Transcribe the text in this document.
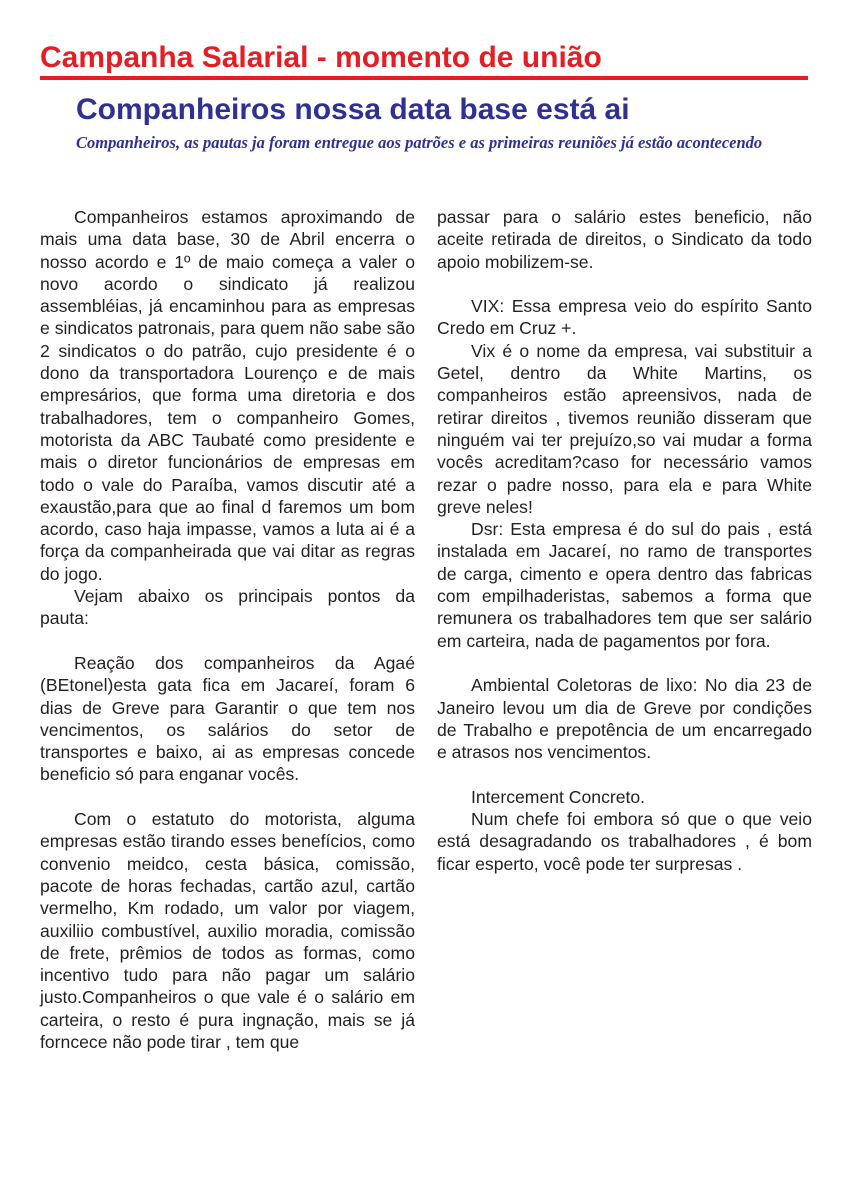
Campanha Salarial - momento de união
Companheiros nossa data base está ai
Companheiros, as pautas ja foram entregue aos patrões e as primeiras reuniões já estão acontecendo

Companheiros estamos aproximando de mais uma data base, 30 de Abril encerra o nosso acordo e 1º de maio começa a valer o novo acordo o sindicato já realizou assembléias, já encaminhou para as empresas e sindicatos patronais, para quem não sabe são 2 sindicatos o do patrão, cujo presidente é o dono da transportadora Lourenço e de mais empresários, que forma uma diretoria e dos trabalhadores, tem o companheiro Gomes, motorista da ABC Taubaté como presidente e mais o diretor funcionários de empresas em todo o vale do Paraíba, vamos discutir até a exaustão,para que ao final d faremos um bom acordo, caso haja impasse, vamos a luta ai é a força da companheirada que vai ditar as regras do jogo.

Vejam abaixo os principais pontos da pauta:

Reação dos companheiros da Agaé (BEtonel)esta gata fica em Jacareí, foram 6 dias de Greve para Garantir o que tem nos vencimentos, os salários do setor de transportes e baixo, ai as empresas concede beneficio só para enganar vocês.

Com o estatuto do motorista, alguma empresas estão tirando esses benefícios, como convenio meidco, cesta básica, comissão, pacote de horas fechadas, cartão azul, cartão vermelho, Km rodado, um valor por viagem, auxiliio combustível, auxilio moradia, comissão de frete, prêmios de todos as formas, como incentivo tudo para não pagar um salário justo.Companheiros o que vale é o salário em carteira, o resto é pura ingnação, mais se já forncece não pode tirar , tem que

passar para o salário estes beneficio, não aceite retirada de direitos, o Sindicato da todo apoio mobilizem-se.

VIX: Essa empresa veio do espírito Santo Credo em Cruz +.

Vix é o nome da empresa, vai substituir a Getel, dentro da White Martins, os companheiros estão apreensivos, nada de retirar direitos , tivemos reunião disseram que ninguém vai ter prejuízo,so vai mudar a forma vocês acreditam?caso for necessário vamos rezar o padre nosso, para ela e para White greve neles!

Dsr: Esta empresa é do sul do pais , está instalada em Jacareí, no ramo de transportes de carga, cimento e opera dentro das fabricas com empilhaderistas, sabemos a forma que remunera os trabalhadores tem que ser salário em carteira, nada de pagamentos por fora.

Ambiental Coletoras de lixo: No dia 23 de Janeiro levou um dia de Greve por condições de Trabalho e prepotência de um encarregado e atrasos nos vencimentos.

Intercement Concreto.

Num chefe foi embora só que o que veio está desagradando os trabalhadores , é bom ficar esperto, você pode ter surpresas .
